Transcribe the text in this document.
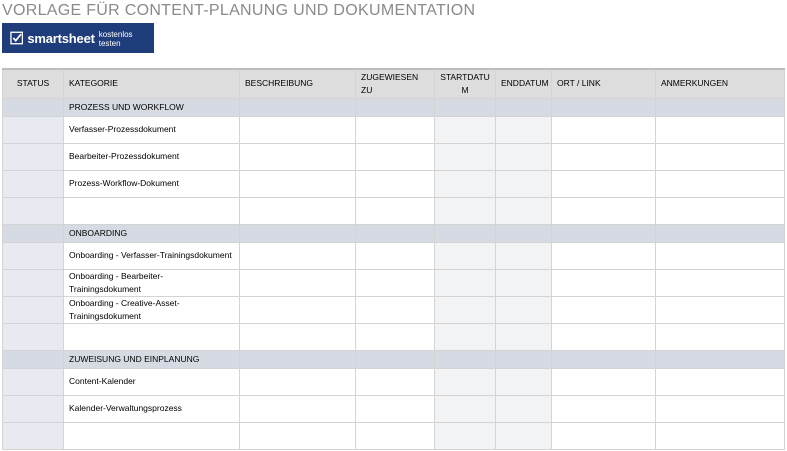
VORLAGE FÜR CONTENT-PLANUNG UND DOKUMENTATION
smartsheet kostenlos testen
STATUS	KATEGORIE	BESCHREIBUNG	ZUGEWIESEN ZU	STARTDATUM	ENDDATUM	ORT / LINK	ANMERKUNGEN
	PROZESS UND WORKFLOW						
	Verfasser-Prozessdokument						
	Bearbeiter-Prozessdokument						
	Prozess-Workflow-Dokument						

	ONBOARDING						
	Onboarding - Verfasser-Trainingsdokument						
	Onboarding - Bearbeiter-Trainingsdokument						
	Onboarding - Creative-Asset-Trainingsdokument						

	ZUWEISUNG UND EINPLANUNG						
	Content-Kalender						
	Kalender-Verwaltungsprozess						
